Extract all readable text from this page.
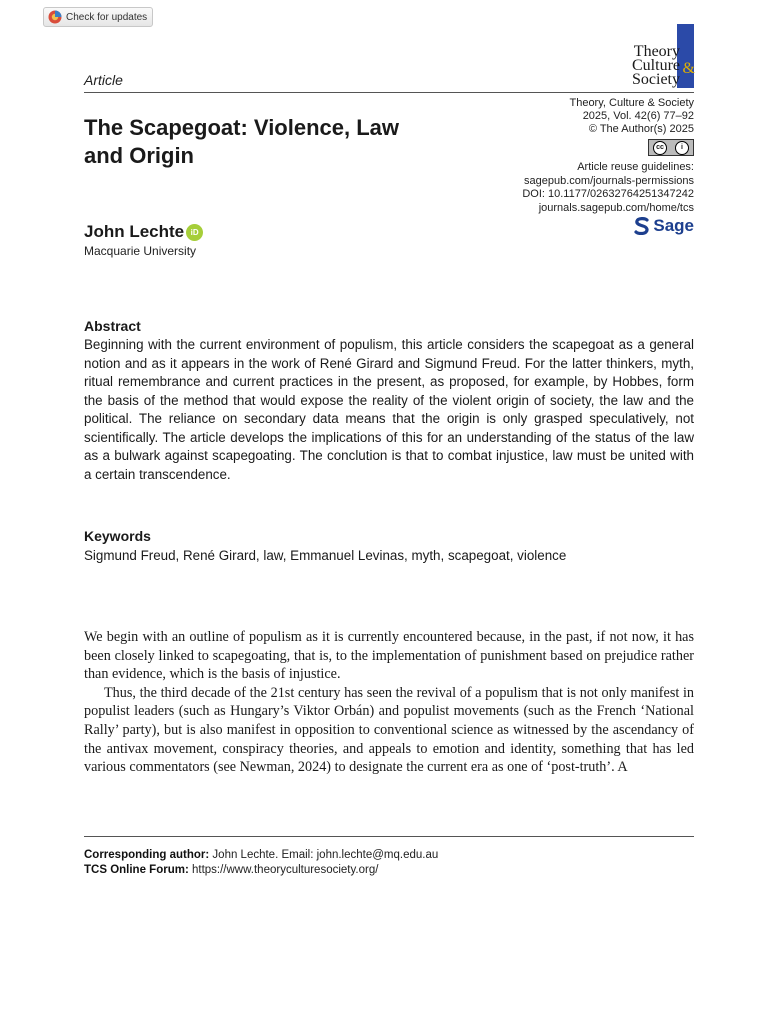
Check for updates
Theory
Culture
Society
&
Article
Theory, Culture & Society
2025, Vol. 42(6) 77–92
© The Author(s) 2025
cc	i
Article reuse guidelines:
sagepub.com/journals-permissions
DOI: 10.1177/02632764251347242
journals.sagepub.com/home/tcs
Sage
The Scapegoat: Violence, Law and Origin
John Lechte iD
Macquarie University
Abstract
Beginning with the current environment of populism, this article considers the scapegoat as a general notion and as it appears in the work of René Girard and Sigmund Freud. For the latter thinkers, myth, ritual remembrance and current practices in the present, as proposed, for example, by Hobbes, form the basis of the method that would expose the reality of the violent origin of society, the law and the political. The reliance on secondary data means that the origin is only grasped speculatively, not scientifically. The article develops the implications of this for an understanding of the status of the law as a bulwark against scapegoating. The conclution is that to combat injustice, law must be united with a certain transcendence.
Keywords
Sigmund Freud, René Girard, law, Emmanuel Levinas, myth, scapegoat, violence

We begin with an outline of populism as it is currently encountered because, in the past, if not now, it has been closely linked to scapegoating, that is, to the implementation of punishment based on prejudice rather than evidence, which is the basis of injustice.

Thus, the third decade of the 21st century has seen the revival of a populism that is not only manifest in populist leaders (such as Hungary’s Viktor Orbán) and populist movements (such as the French ‘National Rally’ party), but is also manifest in opposition to conventional science as witnessed by the ascendancy of the antivax movement, conspiracy theories, and appeals to emotion and identity, something that has led various commentators (see Newman, 2024) to designate the current era as one of ‘post-truth’. A

Corresponding author: John Lechte. Email: john.lechte@mq.edu.au
TCS Online Forum: https://www.theoryculturesociety.org/
